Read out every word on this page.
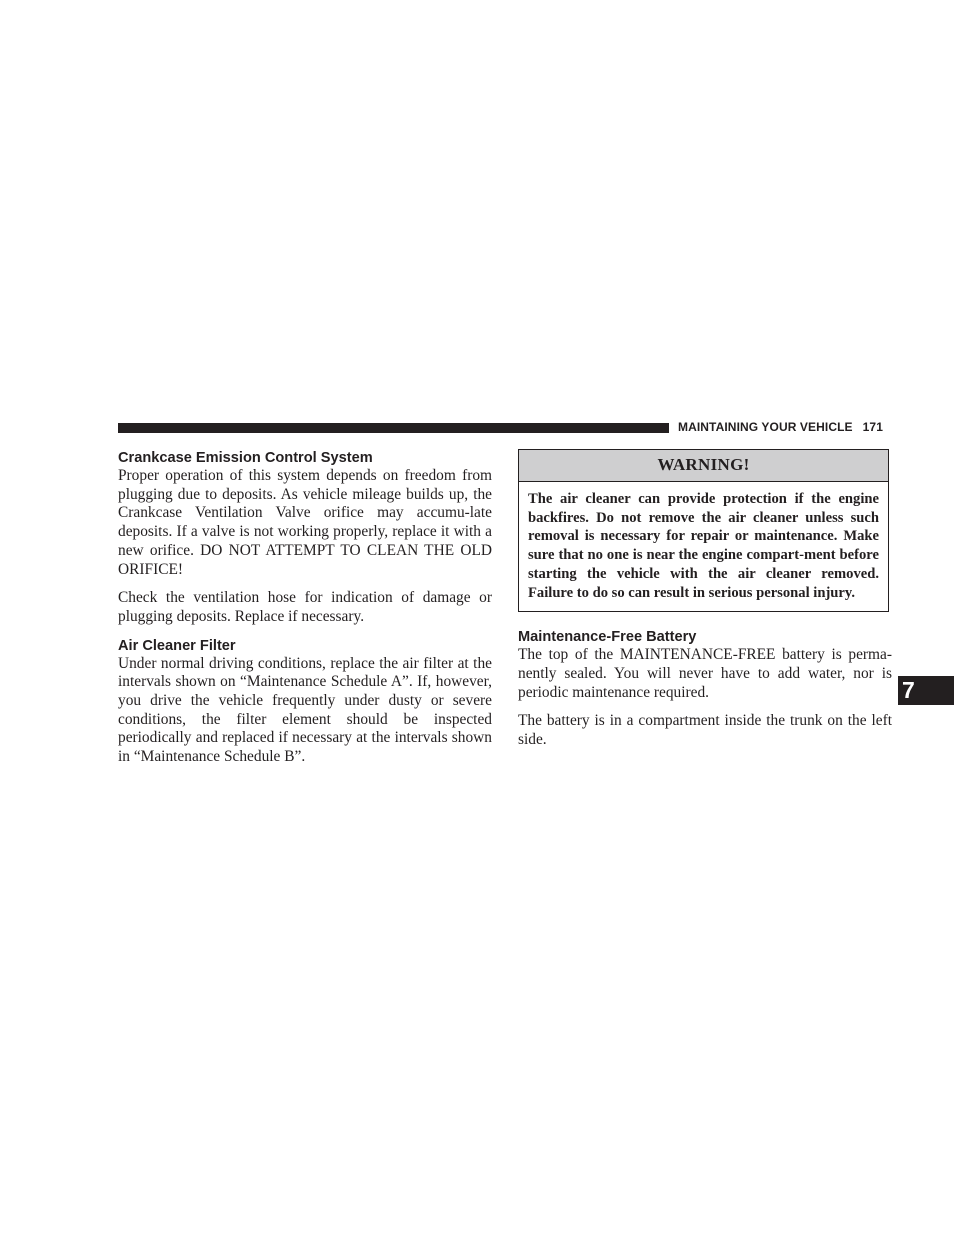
MAINTAINING YOUR VEHICLE 171
Crankcase Emission Control System

Proper operation of this system depends on freedom from plugging due to deposits. As vehicle mileage builds up, the Crankcase Ventilation Valve orifice may accumu-late deposits. If a valve is not working properly, replace it with a new orifice. DO NOT ATTEMPT TO CLEAN THE OLD ORIFICE!

Check the ventilation hose for indication of damage or plugging deposits. Replace if necessary.

Air Cleaner Filter

Under normal driving conditions, replace the air filter at the intervals shown on “Maintenance Schedule A”. If, however, you drive the vehicle frequently under dusty or severe conditions, the filter element should be inspected periodically and replaced if necessary at the intervals shown in “Maintenance Schedule B”.

WARNING!
The air cleaner can provide protection if the engine backfires. Do not remove the air cleaner unless such removal is necessary for repair or maintenance. Make sure that no one is near the engine compart-ment before starting the vehicle with the air cleaner removed. Failure to do so can result in serious personal injury.
Maintenance-Free Battery

The top of the MAINTENANCE-FREE battery is perma-nently sealed. You will never have to add water, nor is periodic maintenance required.

The battery is in a compartment inside the trunk on the left side.

7
